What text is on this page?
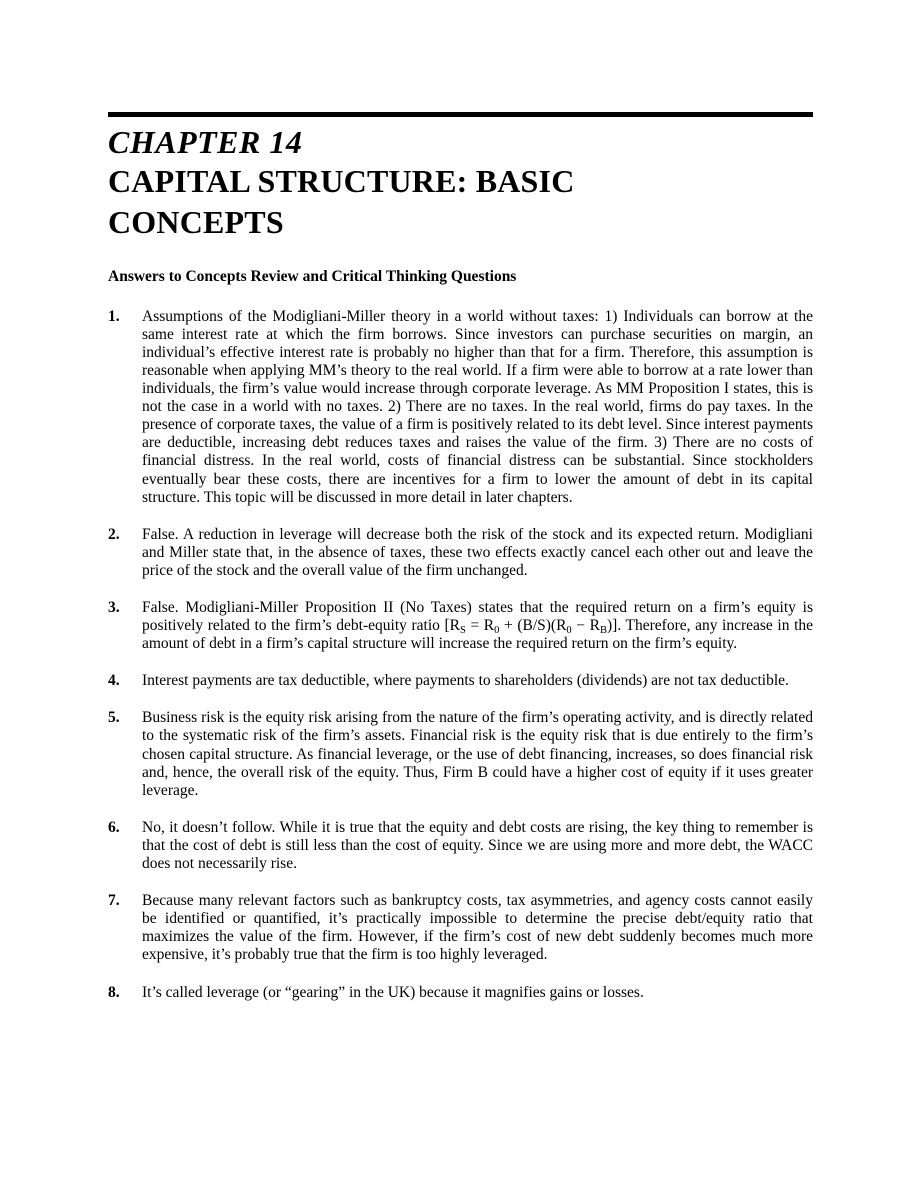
CHAPTER 14
CAPITAL STRUCTURE: BASIC
CONCEPTS
Answers to Concepts Review and Critical Thinking Questions
1.	Assumptions of the Modigliani-Miller theory in a world without taxes: 1) Individuals can borrow at the same interest rate at which the firm borrows. Since investors can purchase securities on margin, an individual’s effective interest rate is probably no higher than that for a firm. Therefore, this assumption is reasonable when applying MM’s theory to the real world. If a firm were able to borrow at a rate lower than individuals, the firm’s value would increase through corporate leverage. As MM Proposition I states, this is not the case in a world with no taxes. 2) There are no taxes. In the real world, firms do pay taxes. In the presence of corporate taxes, the value of a firm is positively related to its debt level. Since interest payments are deductible, increasing debt reduces taxes and raises the value of the firm. 3) There are no costs of financial distress. In the real world, costs of financial distress can be substantial. Since stockholders eventually bear these costs, there are incentives for a firm to lower the amount of debt in its capital structure. This topic will be discussed in more detail in later chapters.
2.	False. A reduction in leverage will decrease both the risk of the stock and its expected return. Modigliani and Miller state that, in the absence of taxes, these two effects exactly cancel each other out and leave the price of the stock and the overall value of the firm unchanged.
3.	False. Modigliani-Miller Proposition II (No Taxes) states that the required return on a firm’s equity is positively related to the firm’s debt-equity ratio $[R_S = R_0 + (B/S)(R_0 - R_B)]$. Therefore, any increase in the amount of debt in a firm’s capital structure will increase the required return on the firm’s equity.
4.	Interest payments are tax deductible, where payments to shareholders (dividends) are not tax deductible.
5.	Business risk is the equity risk arising from the nature of the firm’s operating activity, and is directly related to the systematic risk of the firm’s assets. Financial risk is the equity risk that is due entirely to the firm’s chosen capital structure. As financial leverage, or the use of debt financing, increases, so does financial risk and, hence, the overall risk of the equity. Thus, Firm B could have a higher cost of equity if it uses greater leverage.
6.	No, it doesn’t follow. While it is true that the equity and debt costs are rising, the key thing to remember is that the cost of debt is still less than the cost of equity. Since we are using more and more debt, the WACC does not necessarily rise.
7.	Because many relevant factors such as bankruptcy costs, tax asymmetries, and agency costs cannot easily be identified or quantified, it’s practically impossible to determine the precise debt/equity ratio that maximizes the value of the firm. However, if the firm’s cost of new debt suddenly becomes much more expensive, it’s probably true that the firm is too highly leveraged.
8.	It’s called leverage (or “gearing” in the UK) because it magnifies gains or losses.
